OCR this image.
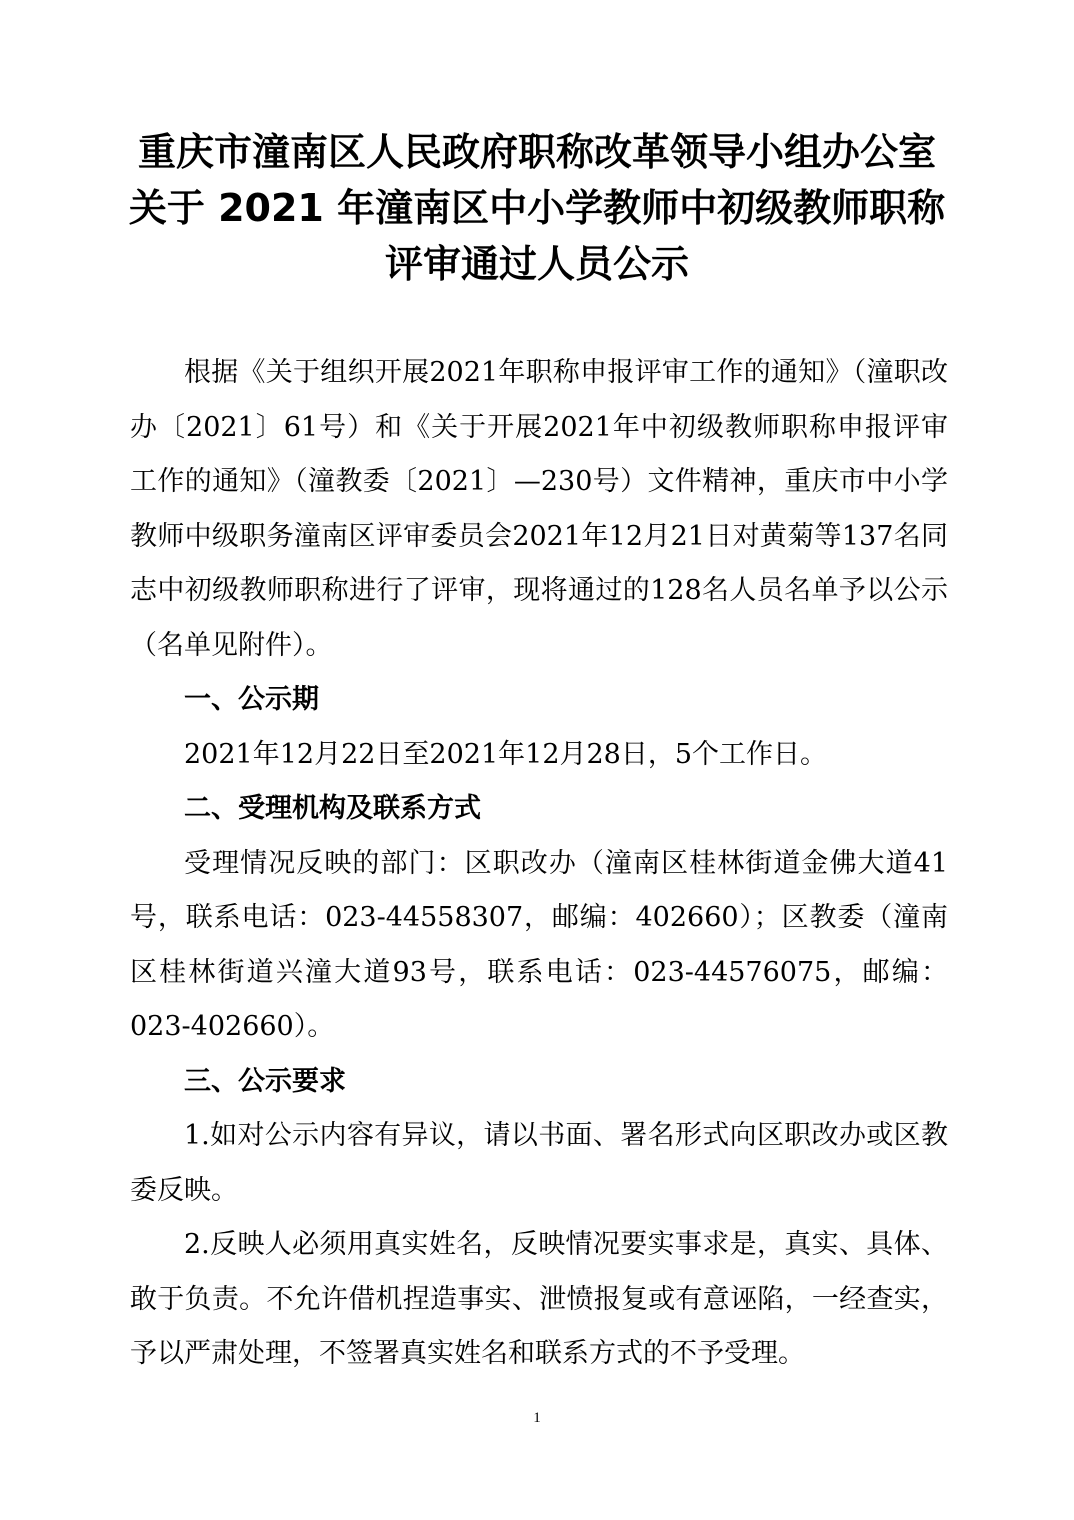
重庆市潼南区人民政府职称改革领导小组办公室
关于 2021 年潼南区中小学教师中初级教师职称
评审通过人员公示

根据《关于组织开展2021年职称申报评审工作的通知》（潼职改办〔2021〕61号）和《关于开展2021年中初级教师职称申报评审工作的通知》（潼教委〔2021〕—230号）文件精神，重庆市中小学教师中级职务潼南区评审委员会2021年12月21日对黄菊等137名同志中初级教师职称进行了评审，现将通过的128名人员名单予以公示（名单见附件）。

一、公示期

2021年12月22日至2021年12月28日，5个工作日。

二、受理机构及联系方式

受理情况反映的部门：区职改办（潼南区桂林街道金佛大道41号，联系电话：023-44558307，邮编：402660）；区教委（潼南区桂林街道兴潼大道93号，联系电话：023-44576075，邮编：023-402660）。

三、公示要求

1.如对公示内容有异议，请以书面、署名形式向区职改办或区教委反映。

2.反映人必须用真实姓名，反映情况要实事求是，真实、具体、敢于负责。不允许借机捏造事实、泄愤报复或有意诬陷，一经查实，予以严肃处理，不签署真实姓名和联系方式的不予受理。

1
